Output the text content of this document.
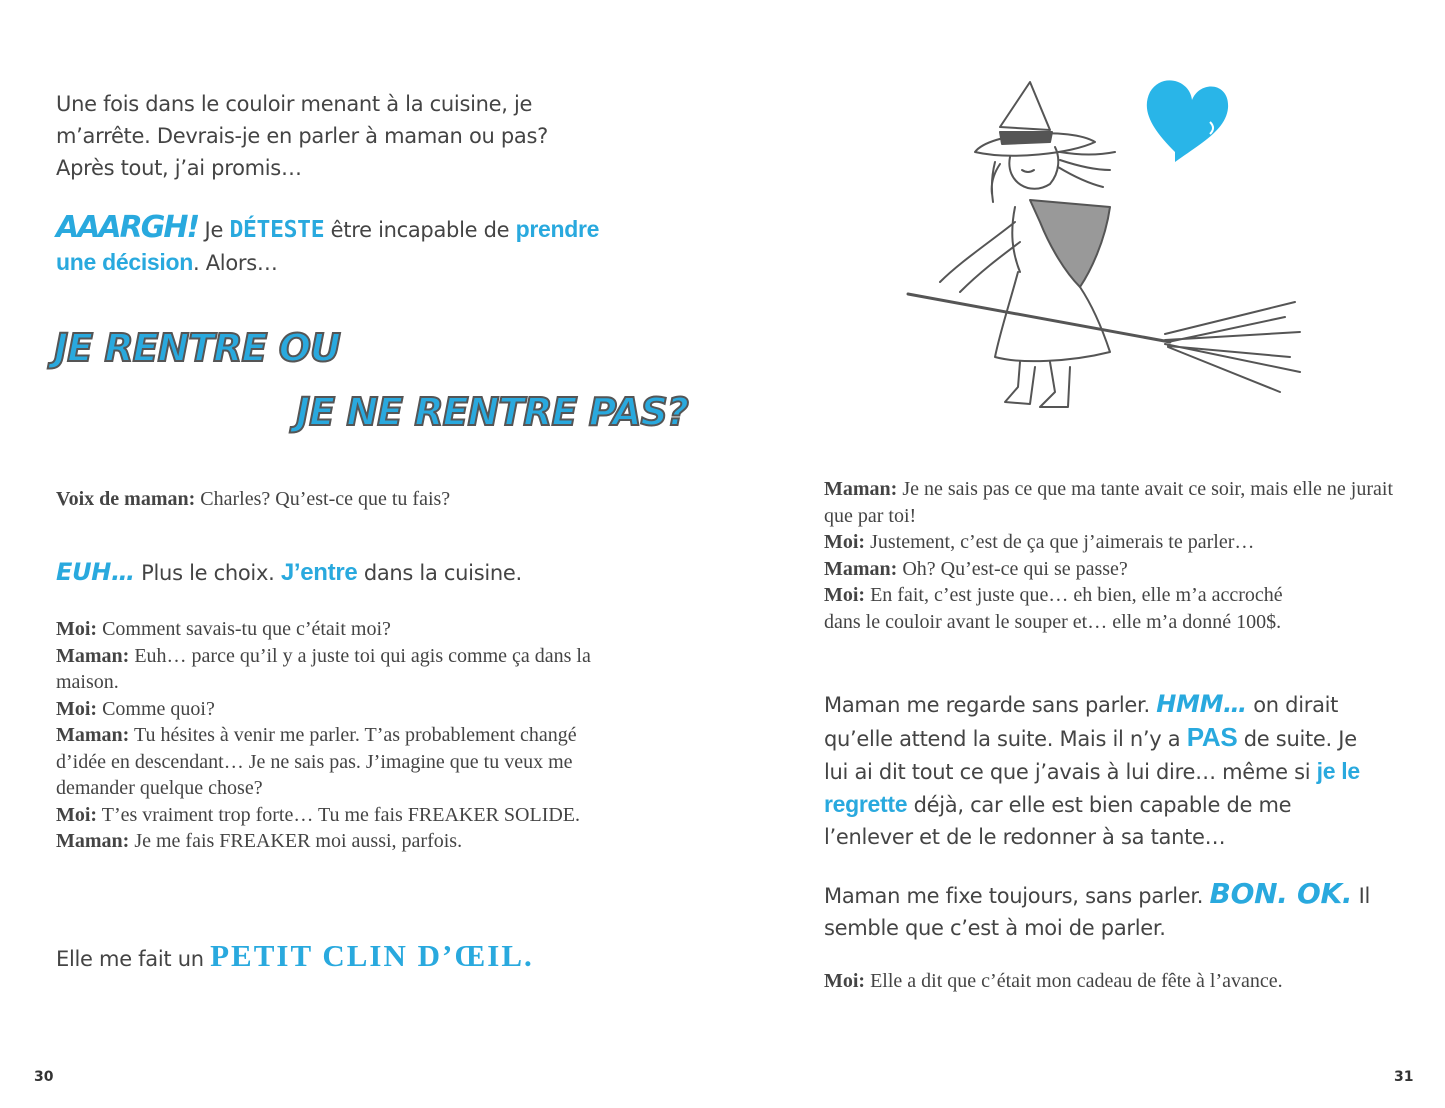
Une fois dans le couloir menant à la cuisine, je m’arrête. Devrais-je en parler à maman ou pas? Après tout, j’ai promis…
AAARGH! Je DÉTESTE être incapable de prendre une décision. Alors…
JE RENTRE OU
JE NE RENTRE PAS?
Voix de maman: Charles? Qu’est-ce que tu fais?
EUH… Plus le choix. J’entre dans la cuisine.
Moi: Comment savais-tu que c’était moi?
Maman: Euh… parce qu’il y a juste toi qui agis comme ça dans la maison.
Moi: Comme quoi?
Maman: Tu hésites à venir me parler. T’as probablement changé d’idée en descendant… Je ne sais pas. J’imagine que tu veux me demander quelque chose?
Moi: T’es vraiment trop forte… Tu me fais FREAKER SOLIDE.
Maman: Je me fais FREAKER moi aussi, parfois.
Elle me fait un PETIT CLIN D’ŒIL.
30
Maman: Je ne sais pas ce que ma tante avait ce soir, mais elle ne jurait que par toi!
Moi: Justement, c’est de ça que j’aimerais te parler…
Maman: Oh? Qu’est-ce qui se passe?
Moi: En fait, c’est juste que… eh bien, elle m’a accroché dans le couloir avant le souper et… elle m’a donné 100$.
Maman me regarde sans parler. HMM… on dirait qu’elle attend la suite. Mais il n’y a PAS de suite. Je lui ai dit tout ce que j’avais à lui dire… même si je le regrette déjà, car elle est bien capable de me l’enlever et de le redonner à sa tante…
Maman me fixe toujours, sans parler. BON. OK. Il semble que c’est à moi de parler.
Moi: Elle a dit que c’était mon cadeau de fête à l’avance.
31
